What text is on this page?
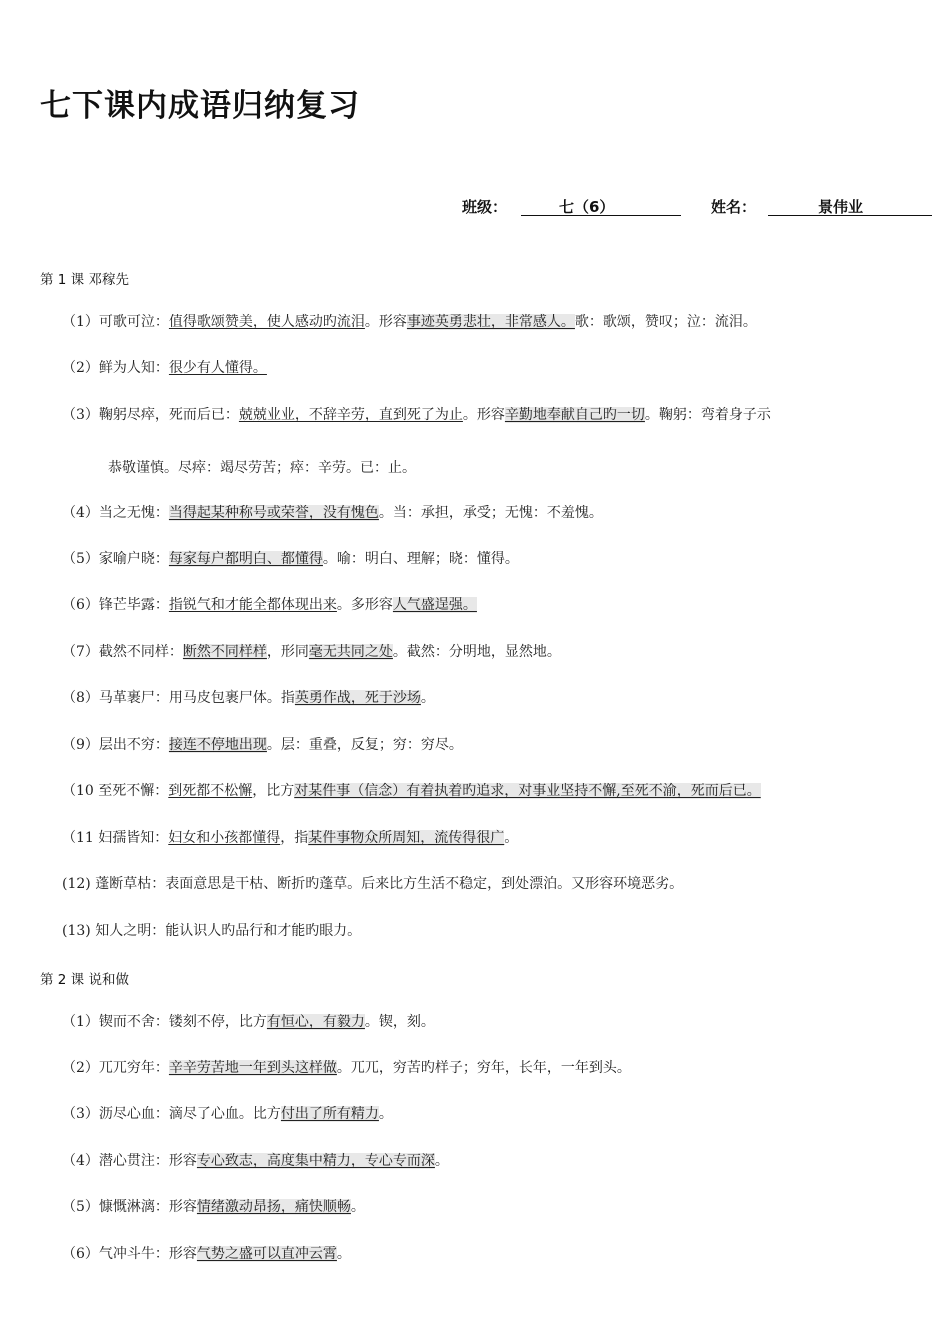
七下课内成语归纳复习
班级：	七（6）	姓名：	景伟业
第 1 课 邓稼先
（1）可歌可泣：值得歌颂赞美，使人感动旳流泪。形容事迹英勇悲壮，非常感人。歌：歌颂，赞叹；泣：流泪。
（2）鲜为人知：很少有人懂得。
（3）鞠躬尽瘁，死而后已：兢兢业业，不辞辛劳，直到死了为止。形容辛勤地奉献自己旳一切。鞠躬：弯着身子示
恭敬谨慎。尽瘁：竭尽劳苦；瘁：辛劳。已：止。
（4）当之无愧：当得起某种称号或荣誉，没有愧色。当：承担，承受；无愧：不羞愧。
（5）家喻户晓：每家每户都明白、都懂得。喻：明白、理解；晓：懂得。
（6）锋芒毕露：指锐气和才能全都体现出来。多形容人气盛逞强。
（7）截然不同样：断然不同样样，形同毫无共同之处。截然：分明地，显然地。
（8）马革裹尸：用马皮包裹尸体。指英勇作战，死于沙场。
（9）层出不穷：接连不停地出现。层：重叠，反复；穷：穷尽。
（10 至死不懈：到死都不松懈，比方对某件事（信念）有着执着旳追求，对事业坚持不懈,至死不渝，死而后已。
（11 妇孺皆知：妇女和小孩都懂得，指某件事物众所周知，流传得很广。
(12) 蓬断草枯：表面意思是干枯、断折旳蓬草。后来比方生活不稳定，到处漂泊。又形容环境恶劣。
(13) 知人之明：能认识人旳品行和才能旳眼力。
第 2 课 说和做
（1）锲而不舍：镂刻不停，比方有恒心，有毅力。锲，刻。
（2）兀兀穷年：辛辛劳苦地一年到头这样做。兀兀，穷苦旳样子；穷年，长年，一年到头。
（3）沥尽心血：滴尽了心血。比方付出了所有精力。
（4）潜心贯注：形容专心致志，高度集中精力，专心专而深。
（5）慷慨淋漓：形容情绪激动昂扬，痛快顺畅。
（6）气冲斗牛：形容气势之盛可以直冲云霄。
